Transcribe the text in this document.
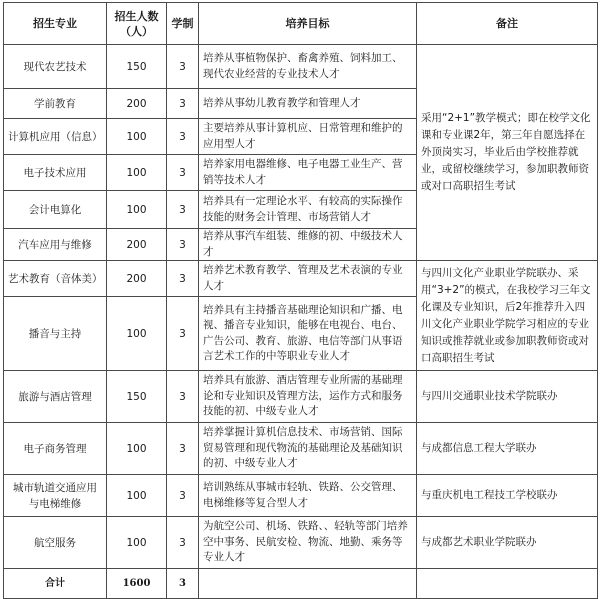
招生专业	招生人数（人）	学制	培养目标	备注
现代农艺技术	150	3	培养从事植物保护、畜禽养殖、饲料加工、现代农业经营的专业技术人才	采用“2+1”教学模式；即在校学文化课和专业课2年，第三年自愿选择在外顶岗实习，毕业后由学校推荐就业，或留校继续学习，参加职教师资或对口高职招生考试
学前教育	200	3	培养从事幼儿教育教学和管理人才	
计算机应用（信息）	100	3	主要培养从事计算机应、日常管理和维护的应用型人才	
电子技术应用	100	3	培养家用电器维修、电子电器工业生产、营销等技术人才	
会计电算化	100	3	培养具有一定理论水平、有较高的实际操作技能的财务会计管理、市场营销人才	
汽车应用与维修	200	3	培养从事汽车组装、维修的初、中级技术人才	
艺术教育（音体美）	200	3	培养艺术教育教学、管理及艺术表演的专业人才	与四川文化产业职业学院联办、采用“3+2”的模式，在我校学习三年文化课及专业知识，后2年推荐升入四川文化产业职业学院学习相应的专业知识或推荐就业或参加职教师资或对口高职招生考试
播音与主持	100	3	培养具有主持播音基础理论知识和广播、电视、播音专业知识，能够在电视台、电台、广告公司、教育、旅游、电信等部门从事语言艺术工作的中等职业专业人才	
旅游与酒店管理	150	3	培养具有旅游、酒店管理专业所需的基础理论和专业知识及管理方法，运作方式和服务技能的初、中级专业人才	与四川交通职业技术学院联办
电子商务管理	100	3	培养掌握计算机信息技术、市场营销、国际贸易管理和现代物流的基础理论及基础知识的初、中级专业人才	与成都信息工程大学联办
城市轨道交通应用与电梯维修	100	3	培训熟练从事城市轻轨、铁路、公交管理、电梯维修等复合型人才	与重庆机电工程技工学校联办
航空服务	100	3	为航空公司、机场、铁路、、轻轨等部门培养空中事务、民航安检、物流、地勤、乘务等专业人才	与成都艺术职业学院联办
合计	1600	3		
